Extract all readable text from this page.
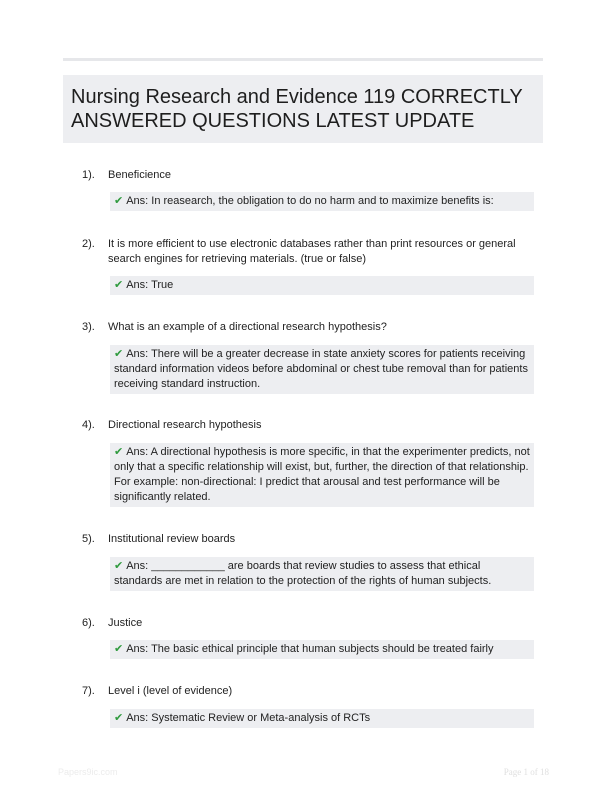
Nursing Research and Evidence 119 CORRECTLY ANSWERED QUESTIONS LATEST UPDATE
1). Beneficience
✔ Ans: In reasearch, the obligation to do no harm and to maximize benefits is:
2). It is more efficient to use electronic databases rather than print resources or general search engines for retrieving materials. (true or false)
✔ Ans: True
3). What is an example of a directional research hypothesis?
✔ Ans: There will be a greater decrease in state anxiety scores for patients receiving standard information videos before abdominal or chest tube removal than for patients receiving standard instruction.
4). Directional research hypothesis
✔ Ans: A directional hypothesis is more specific, in that the experimenter predicts, not only that a specific relationship will exist, but, further, the direction of that relationship. For example: non-directional: I predict that arousal and test performance will be significantly related.
5). Institutional review boards
✔ Ans: ____________ are boards that review studies to assess that ethical standards are met in relation to the protection of the rights of human subjects.
6). Justice
✔ Ans: The basic ethical principle that human subjects should be treated fairly
7). Level i (level of evidence)
✔ Ans: Systematic Review or Meta-analysis of RCTs
Papers9ic.com	Page 1 of 18
